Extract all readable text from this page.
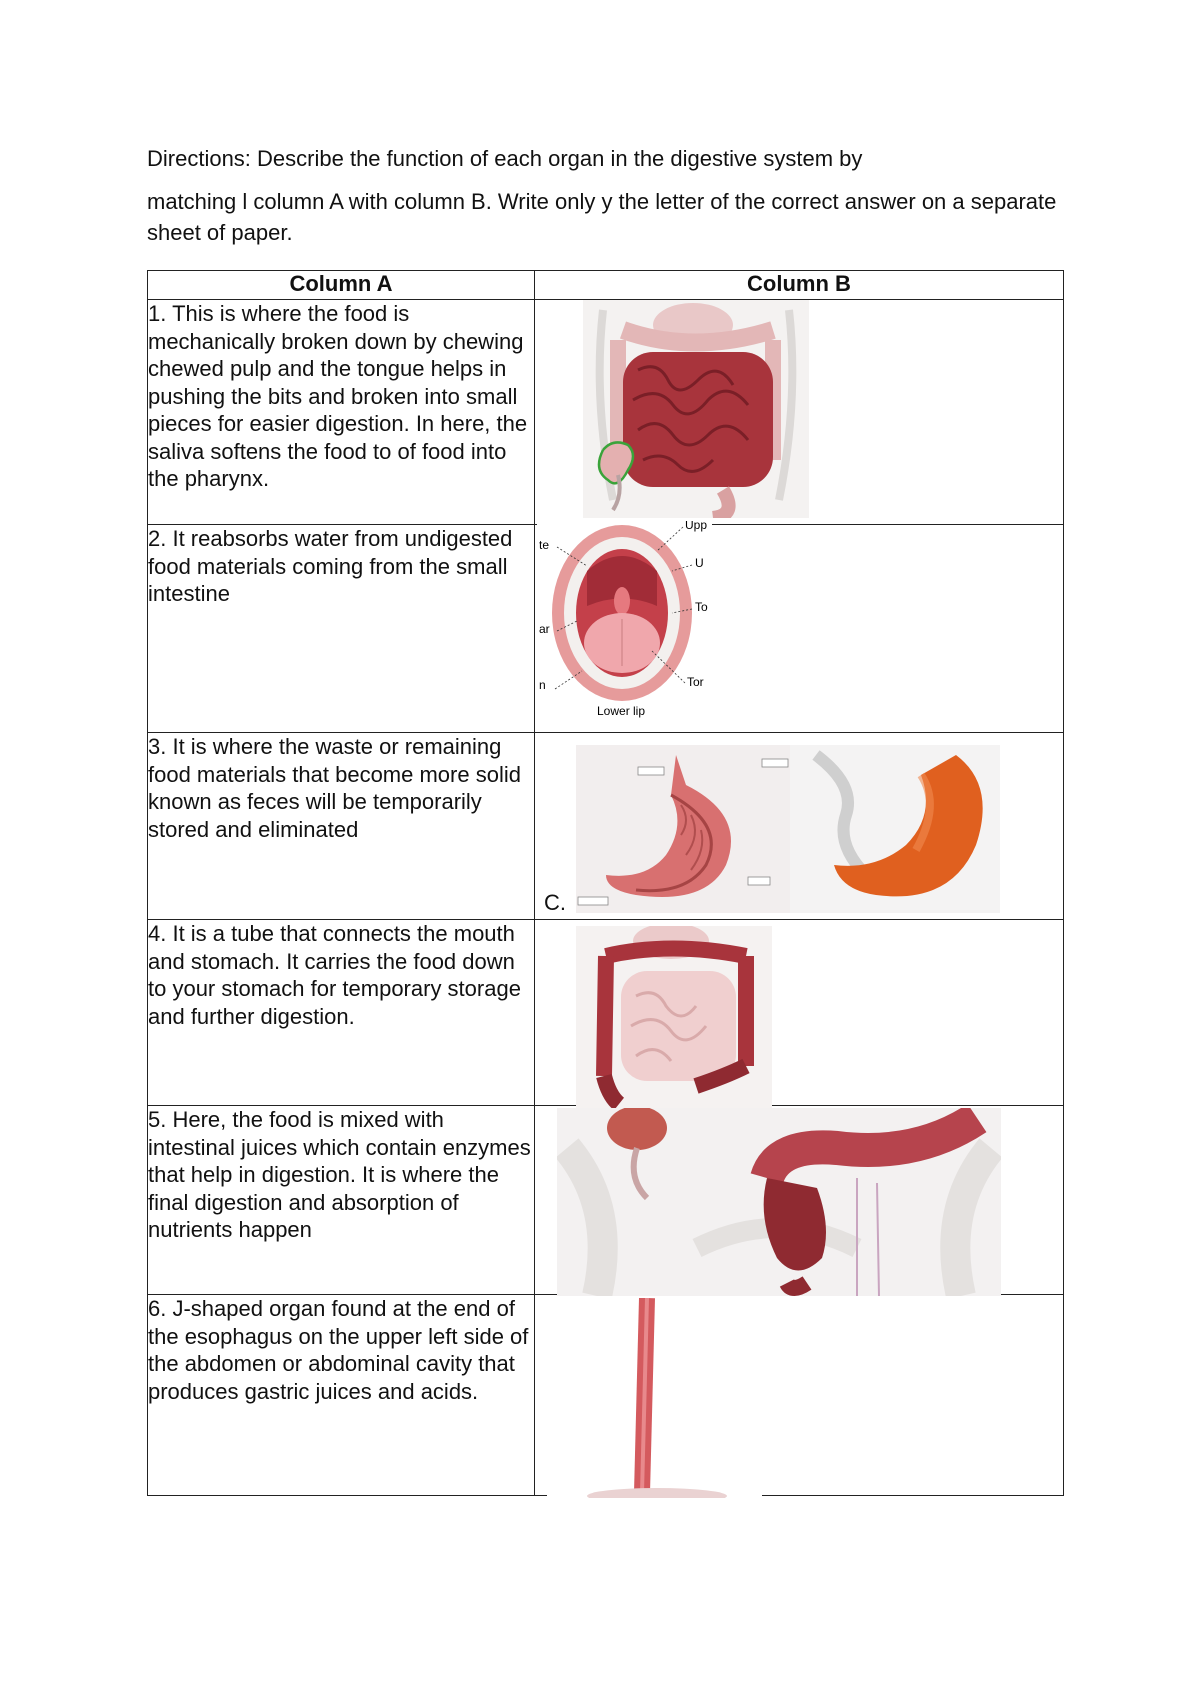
Directions: Describe the function of each organ in the digestive system by

matching l column A with column B. Write only y the letter of the correct answer on a separate sheet of paper.

Column A	Column B
1. This is where the food is mechanically broken down by chewing chewed pulp and the tongue helps in pushing the bits and broken into small pieces for easier digestion. In here, the saliva softens the food to of food into the pharynx.	
2. It reabsorbs water from undigested food materials coming from the small intestine	
3. It is where the waste or remaining food materials that become more solid known as feces will be temporarily stored and eliminated	
4. It is a tube that connects the mouth and stomach. It carries the food down to your stomach for temporary storage and further digestion.	
5. Here, the food is mixed with intestinal juices which contain enzymes that help in digestion. It is where the final digestion and absorption of nutrients happen	
6. J-shaped organ found at the end of the esophagus on the upper left side of the abdomen or abdominal cavity that produces gastric juices and acids.	
te
ar
n
Upp
U
To
Tor
Lower lip
C.
